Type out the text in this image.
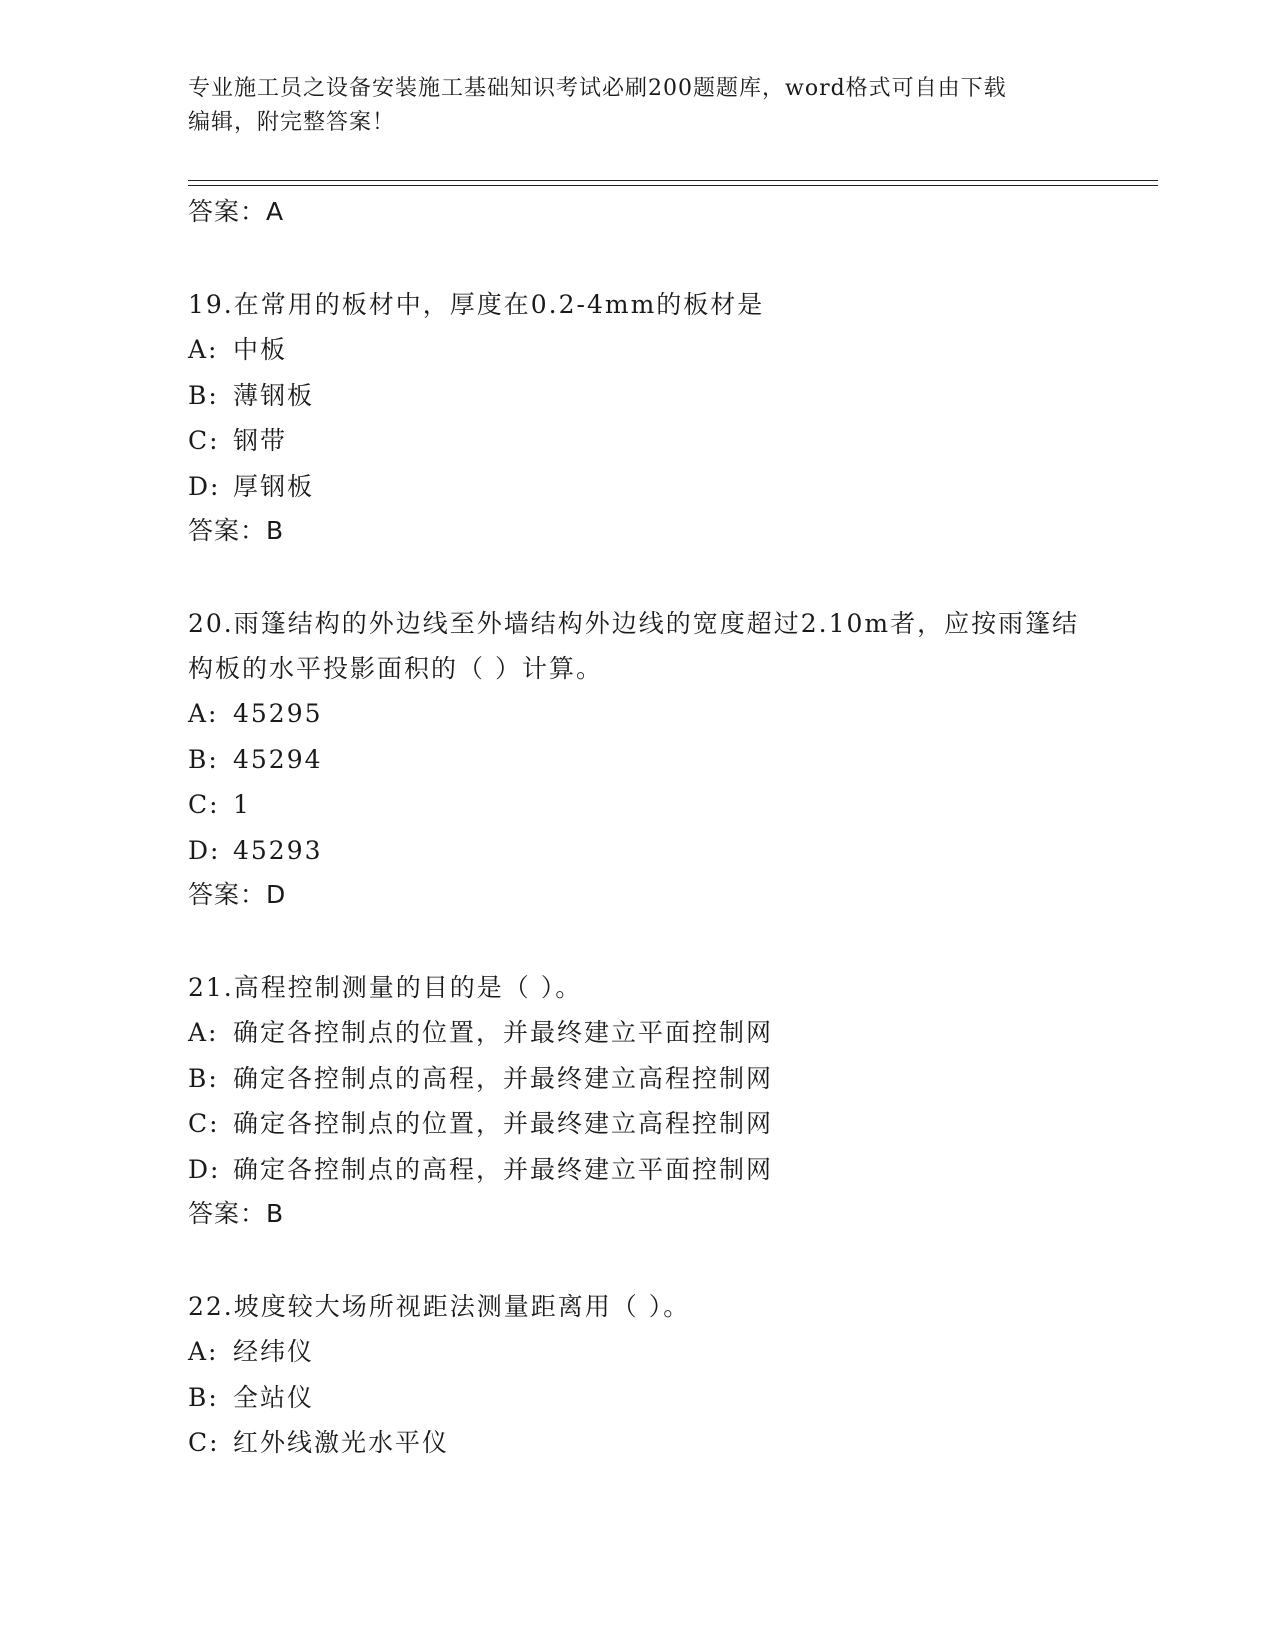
专业施工员之设备安装施工基础知识考试必刷200题题库，word格式可自由下载
编辑，附完整答案！
答案：A
19.在常用的板材中，厚度在0.2-4mm的板材是
A: 中板
B: 薄钢板
C: 钢带
D: 厚钢板
答案：B
20.雨篷结构的外边线至外墙结构外边线的宽度超过2.10m者，应按雨篷结构板的水平投影面积的（ ）计算。
A: 45295
B: 45294
C: 1
D: 45293
答案：D
21.高程控制测量的目的是（ ）。
A: 确定各控制点的位置，并最终建立平面控制网
B: 确定各控制点的高程，并最终建立高程控制网
C: 确定各控制点的位置，并最终建立高程控制网
D: 确定各控制点的高程，并最终建立平面控制网
答案：B
22.坡度较大场所视距法测量距离用（ ）。
A: 经纬仪
B: 全站仪
C: 红外线激光水平仪
